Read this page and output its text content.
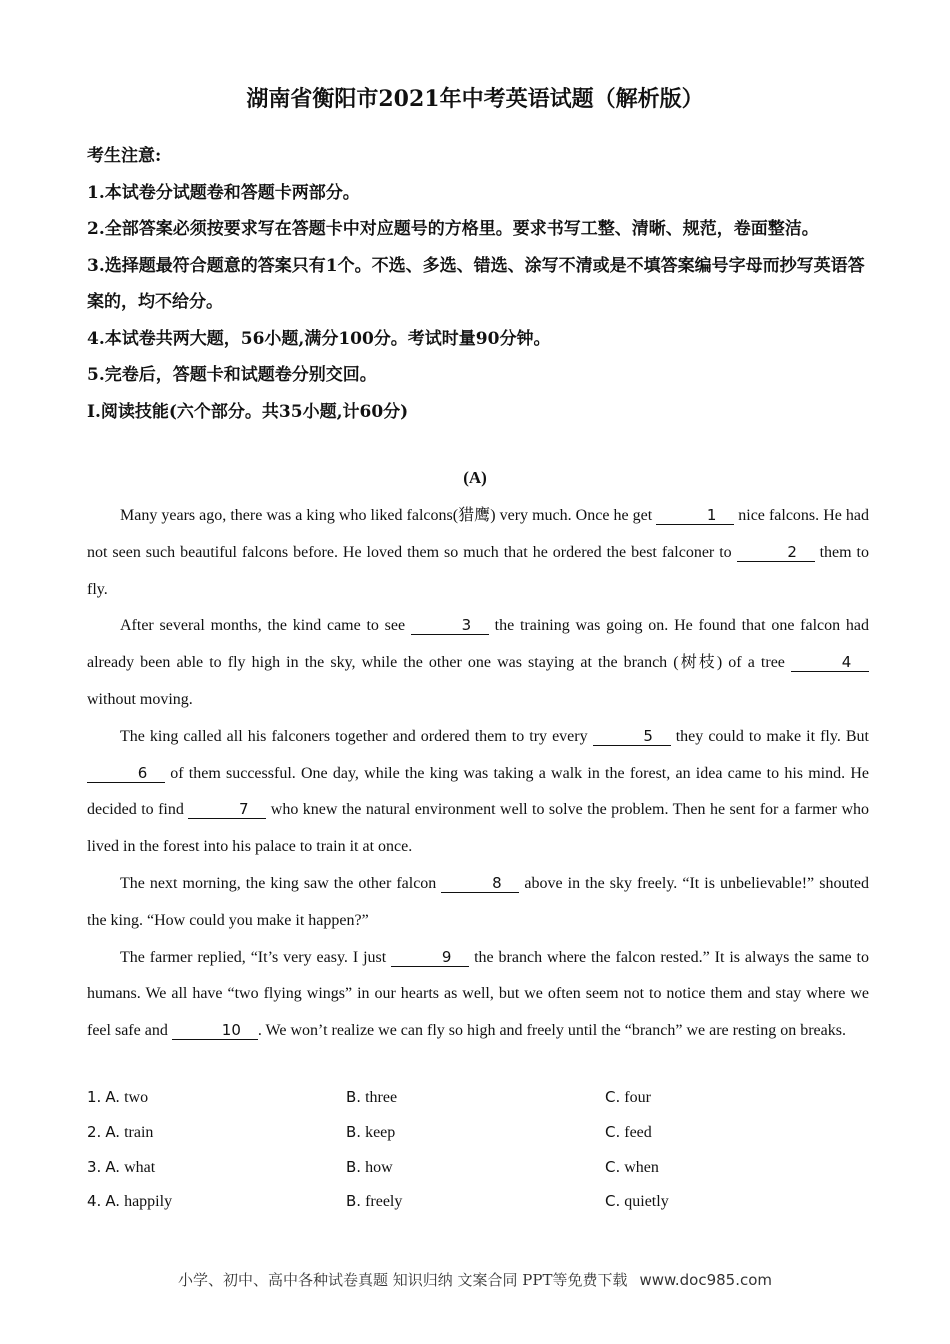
湖南省衡阳市2021年中考英语试题（解析版）

考生注意:

1.本试卷分试题卷和答题卡两部分。

2.全部答案必须按要求写在答题卡中对应题号的方格里。要求书写工整、清晰、规范，卷面整洁。

3.选择题最符合题意的答案只有1个。不选、多选、错选、涂写不清或是不填答案编号字母而抄写英语答案的，均不给分。

4.本试卷共两大题，56小题,满分100分。考试时量90分钟。

5.完卷后，答题卡和试题卷分别交回。

I.阅读技能(六个部分。共35小题,计60分)

(A)

Many years ago, there was a king who liked falcons(猎鹰) very much. Once he get	1 nice falcons. He had not seen such beautiful falcons before. He loved them so much that he ordered the best falconer to	2 them to fly.

After several months, the kind came to see	3 the training was going on. He found that one falcon had already been able to fly high in the sky, while the other one was staying at the branch (树枝) of a tree	4 without moving.

The king called all his falconers together and ordered them to try every	5 they could to make it fly. But 6 of them successful. One day, while the king was taking a walk in the forest, an idea came to his mind. He decided to find	7 who knew the natural environment well to solve the problem. Then he sent for a farmer who lived in the forest into his palace to train it at once.

The next morning, the king saw the other falcon	8 above in the sky freely. “It is unbelievable!” shouted the king. “How could you make it happen?”

The farmer replied, “It’s very easy. I just	9 the branch where the falcon rested.” It is always the same to humans. We all have “two flying wings” in our hearts as well, but we often seem not to notice them and stay where we feel safe and	10 . We won’t realize we can fly so high and freely until the “branch” we are resting on breaks.

1. A. two	B. three	C. four
2. A. train	B. keep	C. feed
3. A. what	B. how	C. when
4. A. happily	B. freely	C. quietly
小学、初中、高中各种试卷真题 知识归纳 文案合同 PPT等免费下载 www.doc985.com
